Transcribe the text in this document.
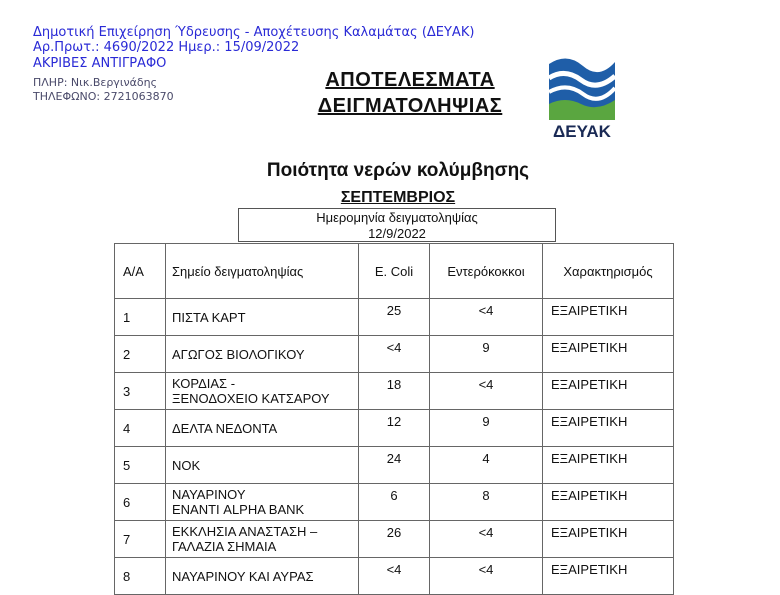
ΠΛΗΡ: Νικ.Βεργινάδης
ΤΗΛΕΦΩΝΟ: 2721063870
Δημοτική Επιχείρηση Ύδρευσης - Αποχέτευσης Καλαμάτας (ΔΕΥΑΚ)
Αρ.Πρωτ.: 4690/2022 Ημερ.: 15/09/2022
ΑΚΡΙΒΕΣ ΑΝΤΙΓΡΑΦΟ
ΑΠΟΤΕΛΕΣΜΑΤΑ
ΔΕΙΓΜΑΤΟΛΗΨΙΑΣ
ΔΕΥΑΚ
Ποιότητα νερών κολύμβησης
ΣΕΠΤΕΜΒΡΙΟΣ
Ημερομηνία δειγματοληψίας
12/9/2022
Α/Α	Σημείο δειγματοληψίας	E. Coli	Εντερόκοκκοι	Χαρακτηρισμός
1	ΠΙΣΤΑ ΚΑΡΤ	25	<4	ΕΞΑΙΡΕΤΙΚΗ
2	ΑΓΩΓΟΣ ΒΙΟΛΟΓΙΚΟΥ	<4	9	ΕΞΑΙΡΕΤΙΚΗ
3	ΚΟΡΔΙΑΣ -
ΞΕΝΟΔΟΧΕΙΟ ΚΑΤΣΑΡΟΥ	18	<4	ΕΞΑΙΡΕΤΙΚΗ
4	ΔΕΛΤΑ ΝΕΔΟΝΤΑ	12	9	ΕΞΑΙΡΕΤΙΚΗ
5	ΝΟΚ	24	4	ΕΞΑΙΡΕΤΙΚΗ
6	ΝΑΥΑΡΙΝΟΥ
ΕΝΑΝΤΙ ALPHA BANK	6	8	ΕΞΑΙΡΕΤΙΚΗ
7	ΕΚΚΛΗΣΙΑ ΑΝΑΣΤΑΣΗ –
ΓΑΛΑΖΙΑ ΣΗΜΑΙΑ	26	<4	ΕΞΑΙΡΕΤΙΚΗ
8	ΝΑΥΑΡΙΝΟΥ ΚΑΙ ΑΥΡΑΣ	<4	<4	ΕΞΑΙΡΕΤΙΚΗ
